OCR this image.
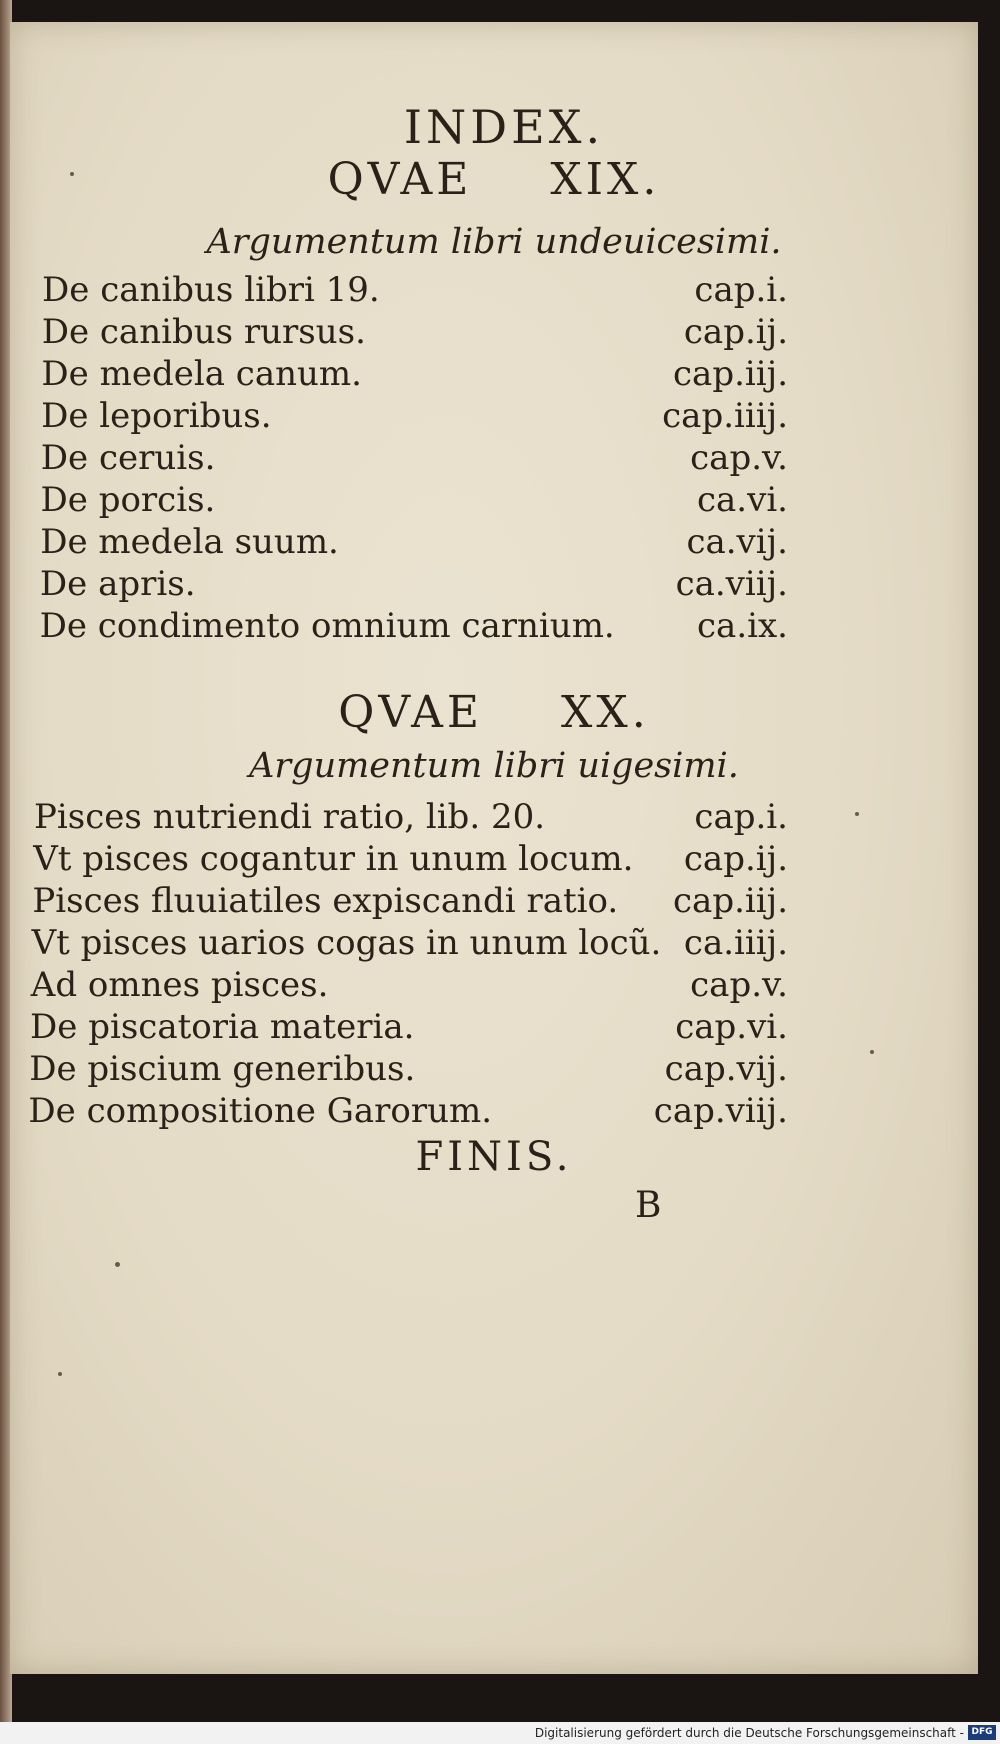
INDEX.
QVAE XIX.
Argumentum libri undeuicesimi.
De canibus libri 19.	cap.i.
De canibus rursus.	cap.ij.
De medela canum.	cap.iij.
De leporibus.	cap.iiij.
De ceruis.	cap.v.
De porcis.	ca.vi.
De medela suum.	ca.vij.
De apris.	ca.viij.
De condimento omnium carnium. ca.ix.
QVAE XX.
Argumentum libri uigesimi.
Pisces nutriendi ratio, lib. 20.	cap.i.
Vt pisces cogantur in unum locum. cap.ij.
Pisces fluuiatiles expiscandi ratio. cap.iij.
Vt pisces uarios cogas in unum locũ. ca.iiij.
Ad omnes pisces.	cap.v.
De piscatoria materia.	cap.vi.
De piscium generibus.	cap.vij.
De compositione Garorum.	cap.viij.
FINIS.
B
Digitalisierung gefördert durch die Deutsche Forschungsgemeinschaft - DFG
